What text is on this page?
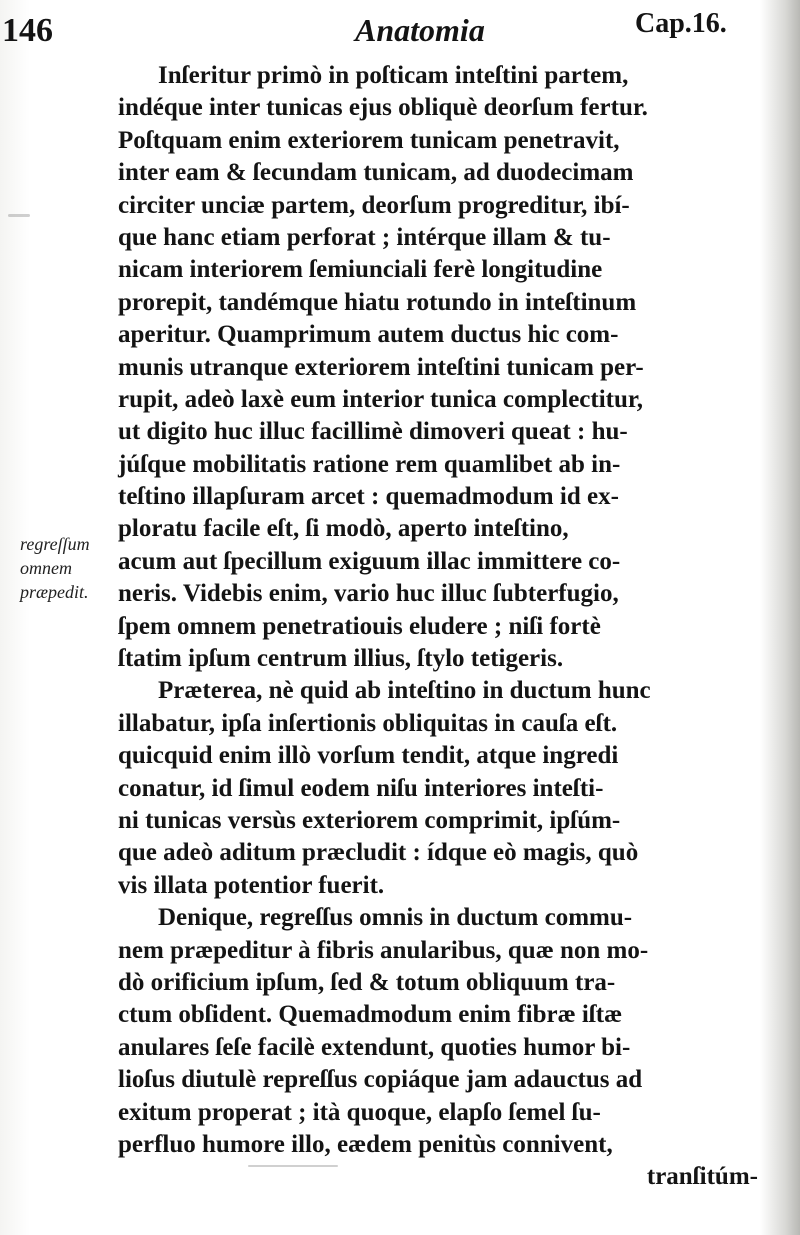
146	Anatomia	Cap.16.
regreſſum
omnem
præpedit.
Inſeritur primò in poſticam inteſtini partem,
indéque inter tunicas ejus obliquè deorſum fertur.
Poſtquam enim exteriorem tunicam penetravit,
inter eam & ſecundam tunicam, ad duodecimam
circiter unciæ partem, deorſum progreditur, ibí-
que hanc etiam perforat ; intérque illam & tu-
nicam interiorem ſemiunciali ferè longitudine
prorepit, tandémque hiatu rotundo in inteſtinum
aperitur. Quamprimum autem ductus hic com-
munis utranque exteriorem inteſtini tunicam per-
rupit, adeò laxè eum interior tunica complectitur,
ut digito huc illuc facillimè dimoveri queat : hu-
júſque mobilitatis ratione rem quamlibet ab in-
teſtino illapſuram arcet : quemadmodum id ex-
ploratu facile eſt, ſi modò, aperto inteſtino,
acum aut ſpecillum exiguum illac immittere co-
neris. Videbis enim, vario huc illuc ſubterfugio,
ſpem omnem penetratiouis eludere ; niſi fortè
ſtatim ipſum centrum illius, ſtylo tetigeris.
Præterea, nè quid ab inteſtino in ductum hunc
illabatur, ipſa inſertionis obliquitas in cauſa eſt.
quicquid enim illò vorſum tendit, atque ingredi
conatur, id ſimul eodem niſu interiores inteſti-
ni tunicas versùs exteriorem comprimit, ipſúm-
que adeò aditum præcludit : ídque eò magis, quò
vis illata potentior fuerit.
Denique, regreſſus omnis in ductum commu-
nem præpeditur à fibris anularibus, quæ non mo-
dò orificium ipſum, ſed & totum obliquum tra-
ctum obſident. Quemadmodum enim fibræ iſtæ
anulares ſeſe facilè extendunt, quoties humor bi-
lioſus diutulè repreſſus copiáque jam adauctus ad
exitum properat ; ità quoque, elapſo ſemel ſu-
perfluo humore illo, eædem penitùs connivent,
tranſitúm-
